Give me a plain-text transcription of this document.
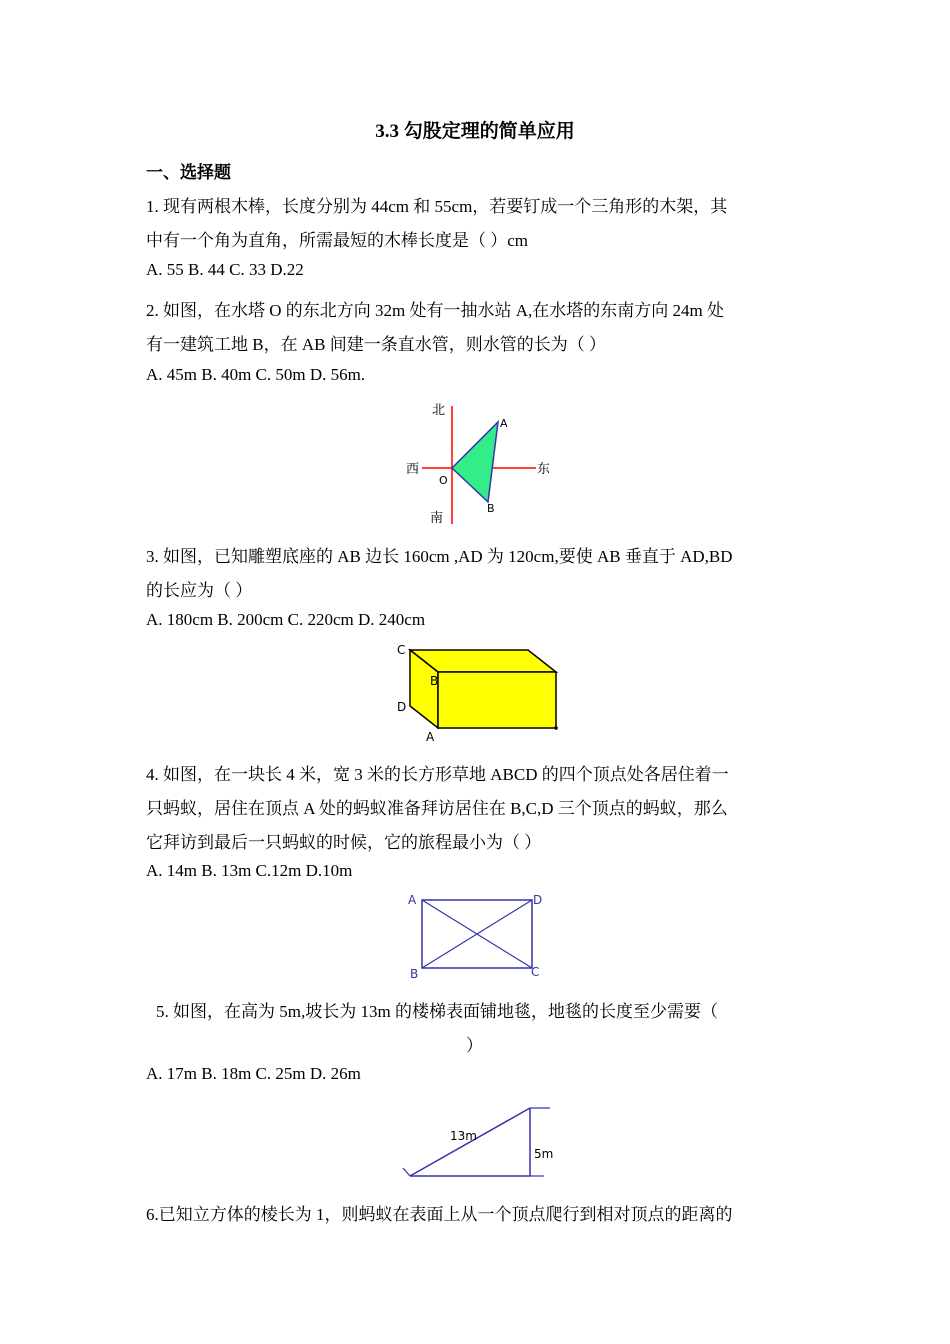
3.3 勾股定理的简单应用
一、选择题
1. 现有两根木棒，长度分别为 44cm 和 55cm，若要钉成一个三角形的木架，其
中有一个角为直角，所需最短的木棒长度是（ ）cm
A. 55 B. 44 C. 33 D.22
2. 如图，在水塔 O 的东北方向 32m 处有一抽水站 A,在水塔的东南方向 24m 处
有一建筑工地 B，在 AB 间建一条直水管，则水管的长为（ ）
A. 45m B. 40m C. 50m D. 56m.
北
南
西	东
O
A
B
3. 如图，已知雕塑底座的 AB 边长 160cm ,AD 为 120cm,要使 AB 垂直于 AD,BD
的长应为（ ）
A. 180cm B. 200cm C. 220cm D. 240cm
C
B
D
A
4. 如图，在一块长 4 米，宽 3 米的长方形草地 ABCD 的四个顶点处各居住着一
只蚂蚁，居住在顶点 A 处的蚂蚁准备拜访居住在 B,C,D 三个顶点的蚂蚁，那么
它拜访到最后一只蚂蚁的时候，它的旅程最小为（ ）
A. 14m B. 13m C.12m D.10m
A	D
B	C
5. 如图，在高为 5m,坡长为 13m 的楼梯表面铺地毯，地毯的长度至少需要（
）
A. 17m B. 18m C. 25m D. 26m
13m
5m
6.已知立方体的棱长为 1，则蚂蚁在表面上从一个顶点爬行到相对顶点的距离的
